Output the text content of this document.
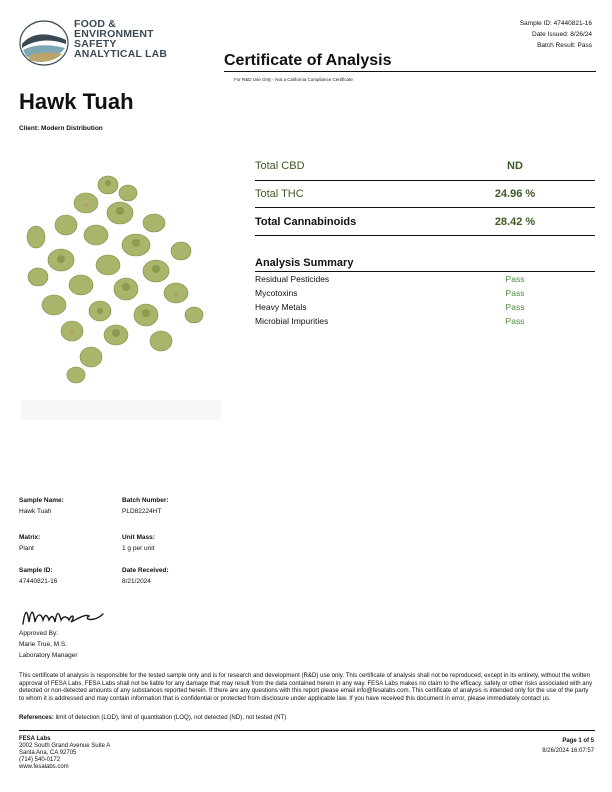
FOOD &
ENVIRONMENT
SAFETY
ANALYTICAL LAB
Sample ID: 47440821-16
Date Issued: 8/26/24
Batch Result: Pass
Certificate of Analysis
For R&D Use Only - Not a California Compliance Certificate.
Hawk Tuah
Client: Modern Distribution
Total CBD	ND
Total THC	24.96 %
Total Cannabinoids	28.42 %
Analysis Summary
Residual Pesticides	Pass
Mycotoxins	Pass
Heavy Metals	Pass
Microbial Impurities	Pass
Sample Name:
Hawk Tuah
Batch Number:
PLD82224HT
Matrix:
Plant
Unit Mass:
1 g per unit
Sample ID:
47440821-16
Date Received:
8/21/2024
Approved By:
Marie True, M.S.
Laboratory Manager
This certificate of analysis is responsible for the tested sample only and is for research and development (R&D) use only. This certificate of analysis shall not be reproduced, except in its entirety, without the written approval of FESA Labs. FESA Labs shall not be liable for any damage that may result from the data contained herein in any way. FESA Labs makes no claim to the efficacy, safety or other risks associated with any detected or non-detected amounts of any substances reported herein. If there are any questions with this report please email info@fesalabs.com. This certificate of analysis is intended only for the use of the party to whom it is addressed and may contain information that is confidential or protected from disclosure under applicable law. If you have received this document in error, please immediately contact us.
References: limit of detection (LOD), limit of quantitation (LOQ), not detected (ND), not tested (NT)
FESA Labs
2002 South Grand Avenue Suite A
Santa Ana, CA 92705
(714) 540-0172
www.fesalabs.com
Page 1 of 5
8/26/2024 16:07:57
